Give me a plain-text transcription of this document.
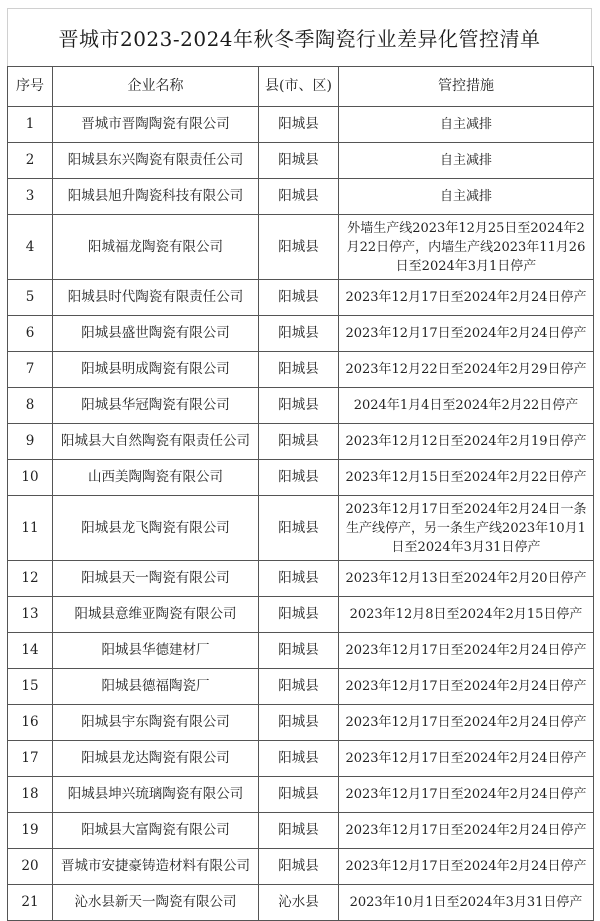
晋城市2023-2024年秋冬季陶瓷行业差异化管控清单
序号	企业名称	县(市、区)	管控措施
1	晋城市晋陶陶瓷有限公司	阳城县	自主减排
2	阳城县东兴陶瓷有限责任公司	阳城县	自主减排
3	阳城县旭升陶瓷科技有限公司	阳城县	自主减排
4	阳城福龙陶瓷有限公司	阳城县	外墙生产线2023年12月25日至2024年2月22日停产，内墙生产线2023年11月26日至2024年3月1日停产
5	阳城县时代陶瓷有限责任公司	阳城县	2023年12月17日至2024年2月24日停产
6	阳城县盛世陶瓷有限公司	阳城县	2023年12月17日至2024年2月24日停产
7	阳城县明成陶瓷有限公司	阳城县	2023年12月22日至2024年2月29日停产
8	阳城县华冠陶瓷有限公司	阳城县	2024年1月4日至2024年2月22日停产
9	阳城县大自然陶瓷有限责任公司	阳城县	2023年12月12日至2024年2月19日停产
10	山西美陶陶瓷有限公司	阳城县	2023年12月15日至2024年2月22日停产
11	阳城县龙飞陶瓷有限公司	阳城县	2023年12月17日至2024年2月24日一条生产线停产，另一条生产线2023年10月1日至2024年3月31日停产
12	阳城县天一陶瓷有限公司	阳城县	2023年12月13日至2024年2月20日停产
13	阳城县意维亚陶瓷有限公司	阳城县	2023年12月8日至2024年2月15日停产
14	阳城县华德建材厂	阳城县	2023年12月17日至2024年2月24日停产
15	阳城县德福陶瓷厂	阳城县	2023年12月17日至2024年2月24日停产
16	阳城县宇东陶瓷有限公司	阳城县	2023年12月17日至2024年2月24日停产
17	阳城县龙达陶瓷有限公司	阳城县	2023年12月17日至2024年2月24日停产
18	阳城县坤兴琉璃陶瓷有限公司	阳城县	2023年12月17日至2024年2月24日停产
19	阳城县大富陶瓷有限公司	阳城县	2023年12月17日至2024年2月24日停产
20	晋城市安捷豪铸造材料有限公司	阳城县	2023年12月17日至2024年2月24日停产
21	沁水县新天一陶瓷有限公司	沁水县	2023年10月1日至2024年3月31日停产
